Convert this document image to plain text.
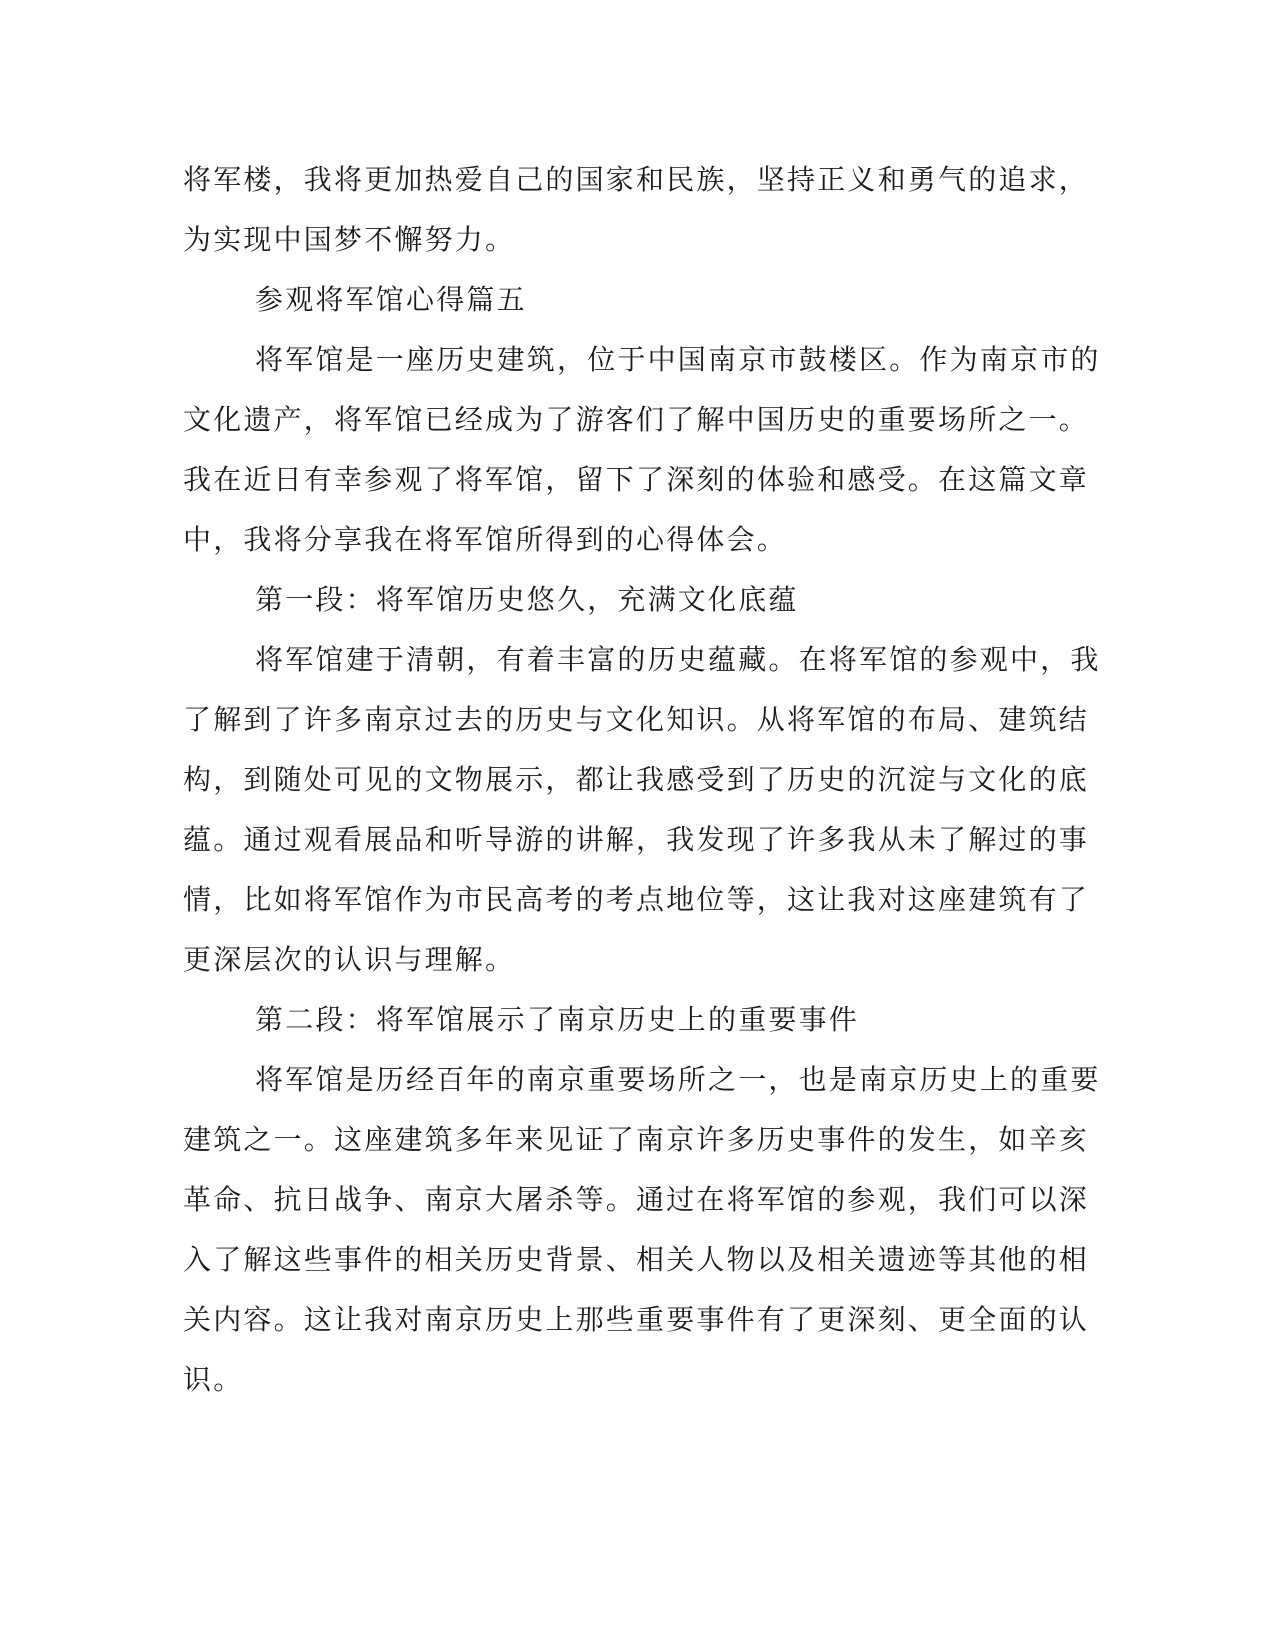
将军楼，我将更加热爱自己的国家和民族，坚持正义和勇气的追求，
为实现中国梦不懈努力。
参观将军馆心得篇五
将军馆是一座历史建筑，位于中国南京市鼓楼区。作为南京市的
文化遗产，将军馆已经成为了游客们了解中国历史的重要场所之一。
我在近日有幸参观了将军馆，留下了深刻的体验和感受。在这篇文章
中，我将分享我在将军馆所得到的心得体会。
第一段：将军馆历史悠久，充满文化底蕴
将军馆建于清朝，有着丰富的历史蕴藏。在将军馆的参观中，我
了解到了许多南京过去的历史与文化知识。从将军馆的布局、建筑结
构，到随处可见的文物展示，都让我感受到了历史的沉淀与文化的底
蕴。通过观看展品和听导游的讲解，我发现了许多我从未了解过的事
情，比如将军馆作为市民高考的考点地位等，这让我对这座建筑有了
更深层次的认识与理解。
第二段：将军馆展示了南京历史上的重要事件
将军馆是历经百年的南京重要场所之一，也是南京历史上的重要
建筑之一。这座建筑多年来见证了南京许多历史事件的发生，如辛亥
革命、抗日战争、南京大屠杀等。通过在将军馆的参观，我们可以深
入了解这些事件的相关历史背景、相关人物以及相关遗迹等其他的相
关内容。这让我对南京历史上那些重要事件有了更深刻、更全面的认
识。
